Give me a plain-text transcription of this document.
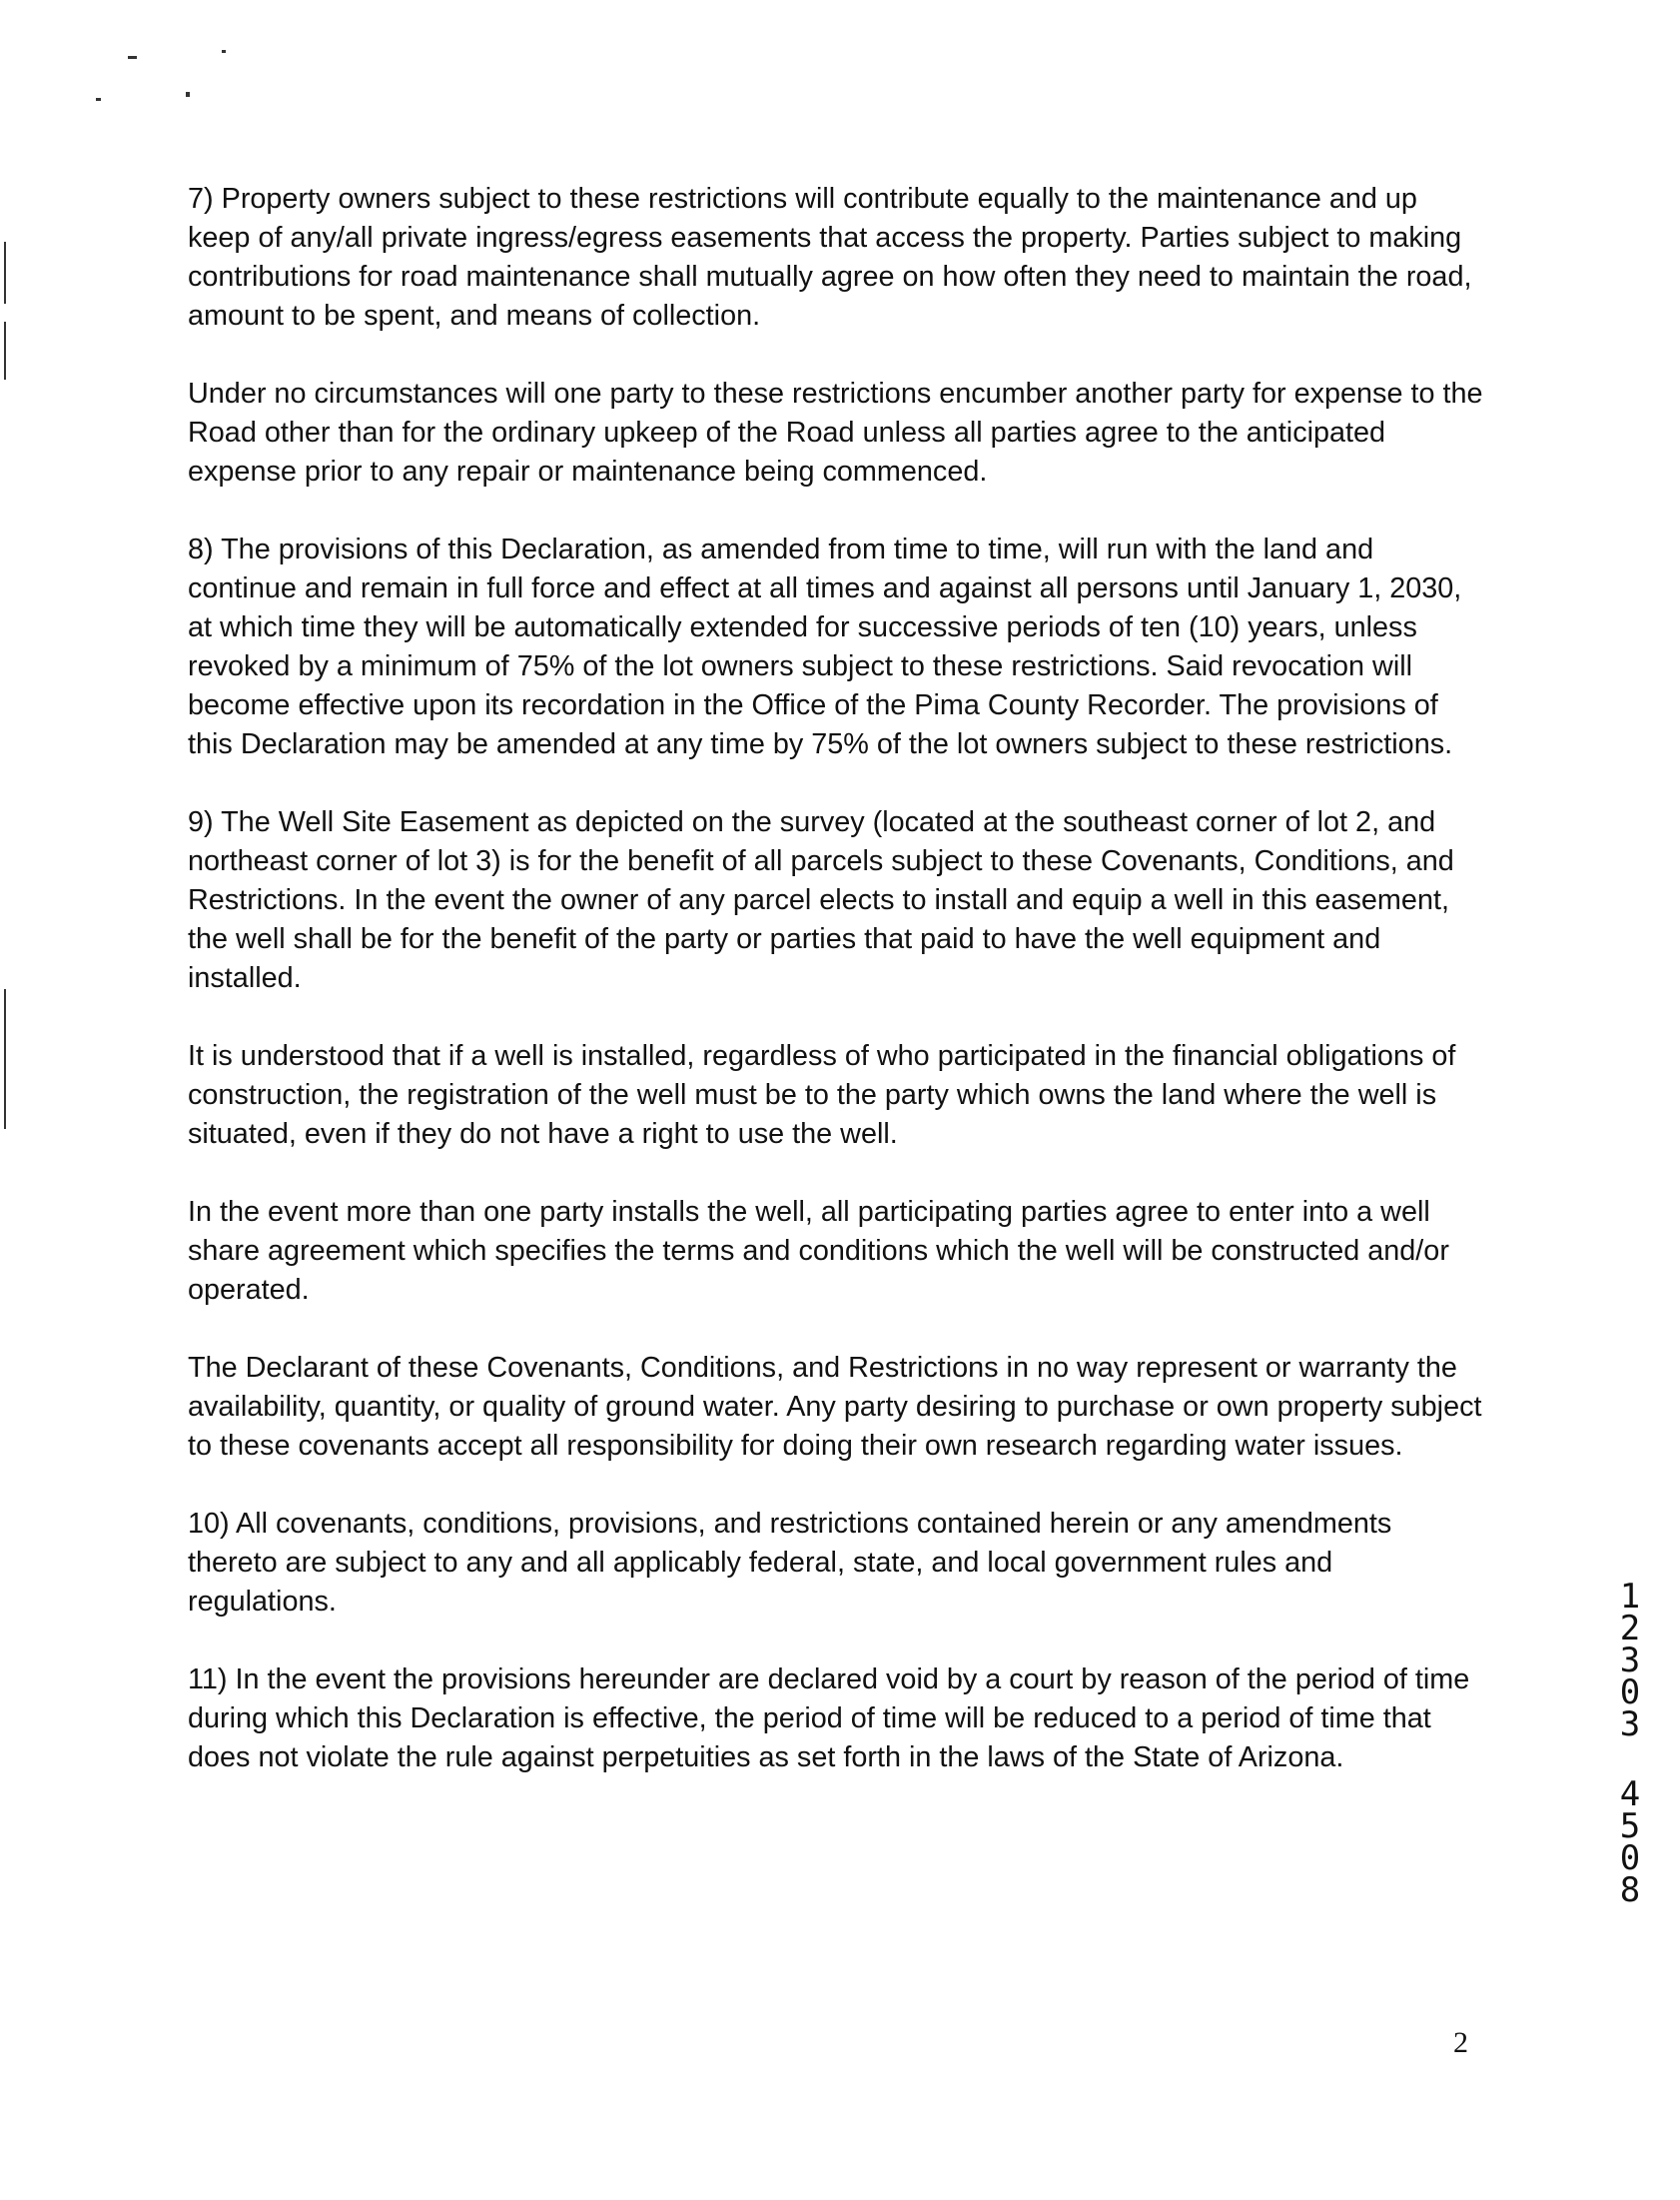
7) Property owners subject to these restrictions will contribute equally to the maintenance and up keep of any/all private ingress/egress easements that access the property. Parties subject to making contributions for road maintenance shall mutually agree on how often they need to maintain the road, amount to be spent, and means of collection.

Under no circumstances will one party to these restrictions encumber another party for expense to the Road other than for the ordinary upkeep of the Road unless all parties agree to the anticipated expense prior to any repair or maintenance being commenced.

8) The provisions of this Declaration, as amended from time to time, will run with the land and continue and remain in full force and effect at all times and against all persons until January 1, 2030, at which time they will be automatically extended for successive periods of ten (10) years, unless revoked by a minimum of 75% of the lot owners subject to these restrictions. Said revocation will become effective upon its recordation in the Office of the Pima County Recorder. The provisions of this Declaration may be amended at any time by 75% of the lot owners subject to these restrictions.

9) The Well Site Easement as depicted on the survey (located at the southeast corner of lot 2, and northeast corner of lot 3) is for the benefit of all parcels subject to these Covenants, Conditions, and Restrictions. In the event the owner of any parcel elects to install and equip a well in this easement, the well shall be for the benefit of the party or parties that paid to have the well equipment and installed.

It is understood that if a well is installed, regardless of who participated in the financial obligations of construction, the registration of the well must be to the party which owns the land where the well is situated, even if they do not have a right to use the well.

In the event more than one party installs the well, all participating parties agree to enter into a well share agreement which specifies the terms and conditions which the well will be constructed and/or operated.

The Declarant of these Covenants, Conditions, and Restrictions in no way represent or warranty the availability, quantity, or quality of ground water. Any party desiring to purchase or own property subject to these covenants accept all responsibility for doing their own research regarding water issues.

10) All covenants, conditions, provisions, and restrictions contained herein or any amendments thereto are subject to any and all applicably federal, state, and local government rules and regulations.

11) In the event the provisions hereunder are declared void by a court by reason of the period of time during which this Declaration is effective, the period of time will be reduced to a period of time that does not violate the rule against perpetuities as set forth in the laws of the State of Arizona.

1
2
3
0
3
4
5
0
8
2
